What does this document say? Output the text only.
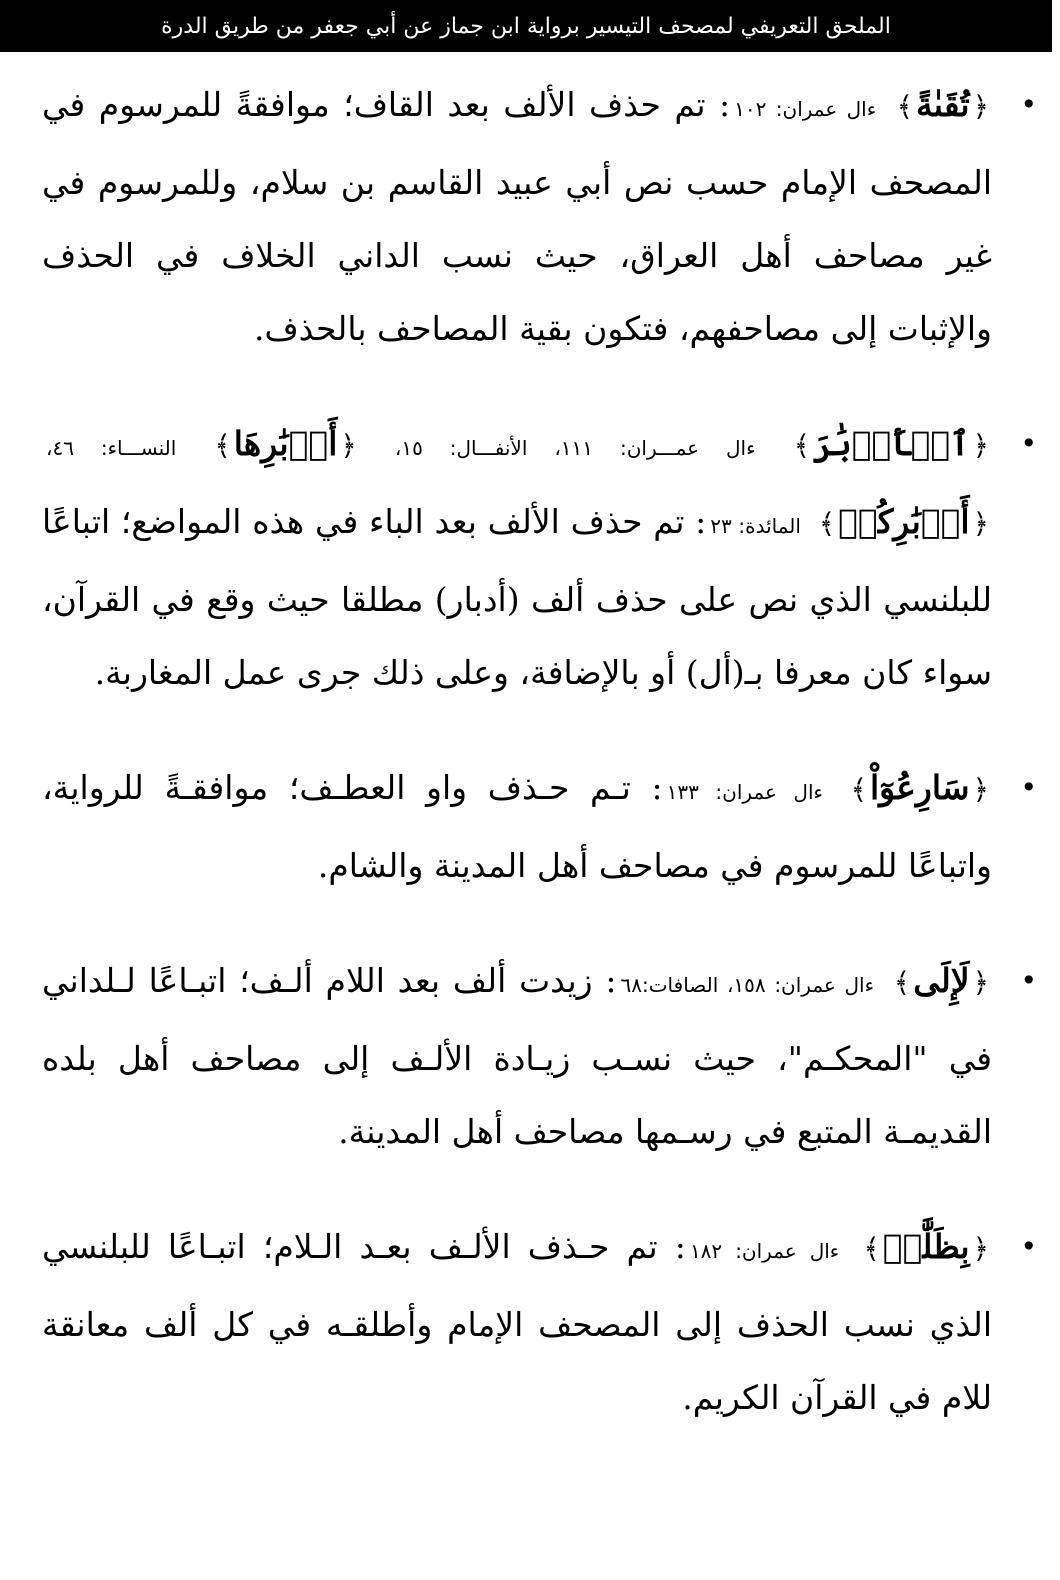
الملحق التعريفي لمصحف التيسير برواية ابن جماز عن أبي جعفر من طريق الدرة
•
﴿تُقَىٰةً﴾ ءال عمران: ١٠٢: تم حذف الألف بعد القاف؛ موافقةً للمرسوم في المصحف الإمام حسب نص أبي عبيد القاسم بن سلام، وللمرسوم في غير مصاحف أهل العراق، حيث نسب الداني الخلاف في الحذف والإثبات إلى مصاحفهم، فتكون بقية المصاحف بالحذف.
•
﴿ٱلۡأَدۡبَٰرَ﴾ ءال عمـــران: ١١١، الأنفـــال: ١٥، ﴿أَدۡبَٰرِهَا﴾ النســـاء: ٤٦، ﴿أَدۡبَٰرِكُمۡ﴾ المائدة: ٢٣: تم حذف الألف بعد الباء في هذه المواضع؛ اتباعًا للبلنسي الذي نص على حذف ألف (أدبار) مطلقا حيث وقع في القرآن، سواء كان معرفا بـ(أل) أو بالإضافة، وعلى ذلك جرى عمل المغاربة.
•
﴿سَارِعُوٓاْ﴾ ءال عمران: ١٣٣: تـم حـذف واو العطـف؛ موافقـةً للرواية، واتباعًا للمرسوم في مصاحف أهل المدينة والشام.
•
﴿لَإِلَى﴾ ءال عمران: ١٥٨، الصافات:٦٨: زيدت ألف بعد اللام ألـف؛ اتبـاعًا لـلداني في "المحكـم"، حيث نسـب زيـادة الألـف إلى مصاحف أهل بلده القديمـة المتبع في رسـمها مصاحف أهل المدينة.
•
﴿بِظَلَّٰمٖ﴾ ءال عمران: ١٨٢: تم حـذف الألـف بعـد الـلام؛ اتبـاعًا للبلنسي الذي نسب الحذف إلى المصحف الإمام وأطلقـه في كل ألف معانقة للام في القرآن الكريم.
